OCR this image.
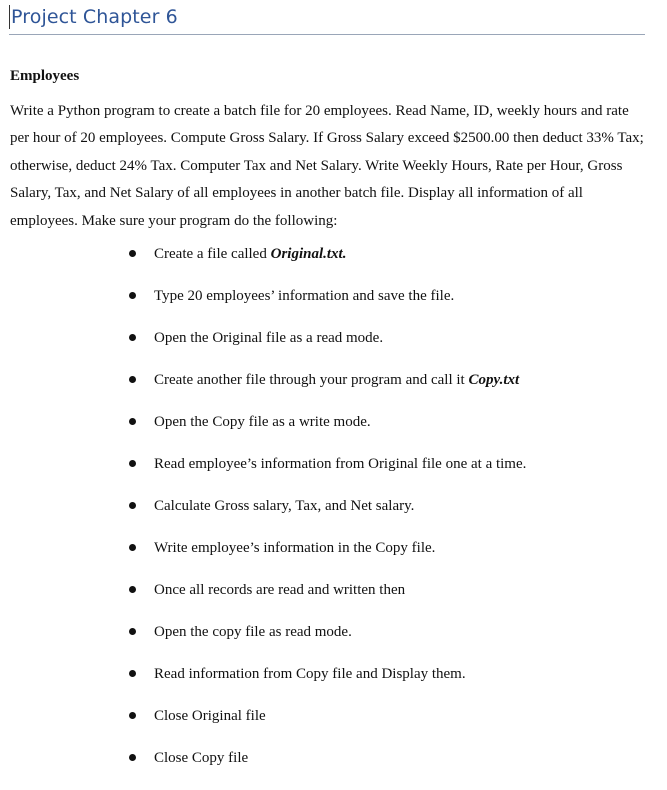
Project Chapter 6
Employees

Write a Python program to create a batch file for 20 employees. Read Name, ID, weekly hours and rate per hour of 20 employees. Compute Gross Salary. If Gross Salary exceed $2500.00 then deduct 33% Tax; otherwise, deduct 24% Tax. Computer Tax and Net Salary. Write Weekly Hours, Rate per Hour, Gross Salary, Tax, and Net Salary of all employees in another batch file. Display all information of all employees. Make sure your program do the following:

Create a file called Original.txt.
Type 20 employees’ information and save the file.
Open the Original file as a read mode.
Create another file through your program and call it Copy.txt
Open the Copy file as a write mode.
Read employee’s information from Original file one at a time.
Calculate Gross salary, Tax, and Net salary.
Write employee’s information in the Copy file.
Once all records are read and written then
Open the copy file as read mode.
Read information from Copy file and Display them.
Close Original file
Close Copy file
